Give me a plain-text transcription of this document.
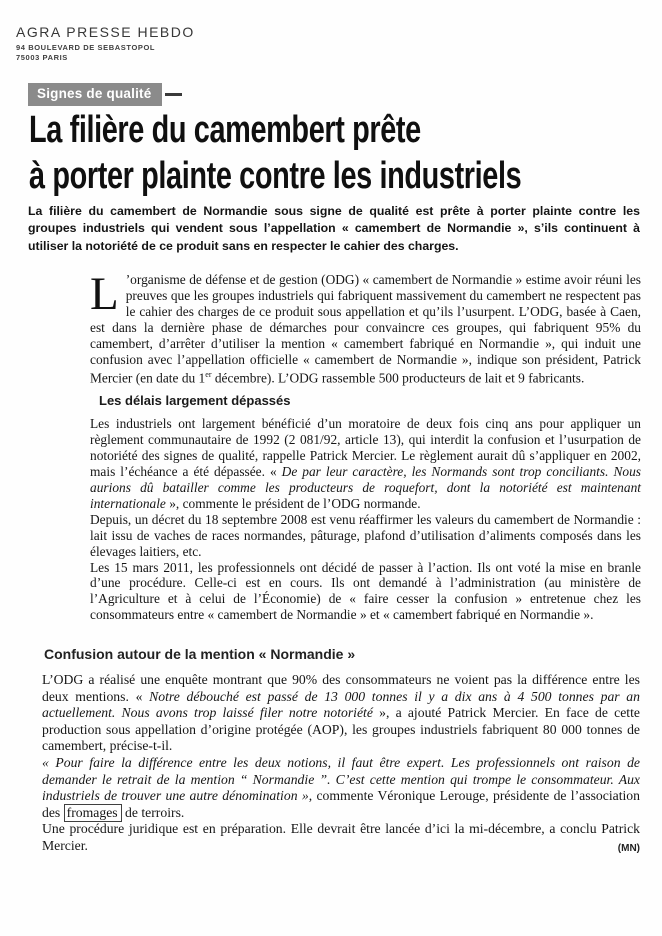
AGRA PRESSE HEBDO
94 BOULEVARD DE SEBASTOPOL
75003 PARIS
Signes de qualité
La filière du camembert prête
à porter plainte contre les industriels

La filière du camembert de Normandie sous signe de qualité est prête à porter plainte contre les groupes industriels qui vendent sous l’appellation « camembert de Normandie », s’ils continuent à utiliser la notoriété de ce produit sans en respecter le cahier des charges.

L ’organisme de défense et de gestion (ODG) « camembert de Normandie » estime avoir réuni les preuves que les groupes industriels qui fabriquent massivement du camembert ne respectent pas le cahier des charges de ce produit sous appellation et qu’ils l’usurpent. L’ODG, basée à Caen, est dans la dernière phase de démarches pour convaincre ces groupes, qui fabriquent 95% du camembert, d’arrêter d’utiliser la mention « camembert fabriqué en Normandie », qui induit une confusion avec l’appellation officielle « camembert de Normandie », indique son président, Patrick Mercier (en date du 1er décembre). L’ODG rassemble 500 producteurs de lait et 9 fabricants.

Les délais largement dépassés

Les industriels ont largement bénéficié d’un moratoire de deux fois cinq ans pour appliquer un règlement communautaire de 1992 (2 081/92, article 13), qui interdit la confusion et l’usurpation de notoriété des signes de qualité, rappelle Patrick Mercier. Le règlement aurait dû s’appliquer en 2002, mais l’échéance a été dépassée. « De par leur caractère, les Normands sont trop conciliants. Nous aurions dû batailler comme les producteurs de roquefort, dont la notoriété est maintenant internationale », commente le président de l’ODG normande.

Depuis, un décret du 18 septembre 2008 est venu réaffirmer les valeurs du camembert de Normandie : lait issu de vaches de races normandes, pâturage, plafond d’utilisation d’aliments composés dans les élevages laitiers, etc.

Les 15 mars 2011, les professionnels ont décidé de passer à l’action. Ils ont voté la mise en branle d’une procédure. Celle-ci est en cours. Ils ont demandé à l’administration (au ministère de l’Agriculture et à celui de l’Économie) de « faire cesser la confusion » entretenue chez les consommateurs entre « camembert de Normandie » et « camembert fabriqué en Normandie ».

Confusion autour de la mention « Normandie »

L’ODG a réalisé une enquête montrant que 90% des consommateurs ne voient pas la différence entre les deux mentions. « Notre débouché est passé de 13 000 tonnes il y a dix ans à 4 500 tonnes par an actuellement. Nous avons trop laissé filer notre notoriété », a ajouté Patrick Mercier. En face de cette production sous appellation d’origine protégée (AOP), les groupes industriels fabriquent 80 000 tonnes de camembert, précise-t-il.

« Pour faire la différence entre les deux notions, il faut être expert. Les professionnels ont raison de demander le retrait de la mention “ Normandie ”. C’est cette mention qui trompe le consommateur. Aux industriels de trouver une autre dénomination », commente Véronique Lerouge, présidente de l’association des fromages de terroirs.

Une procédure juridique est en préparation. Elle devrait être lancée d’ici la mi-décembre, a conclu Patrick Mercier.	(MN)
